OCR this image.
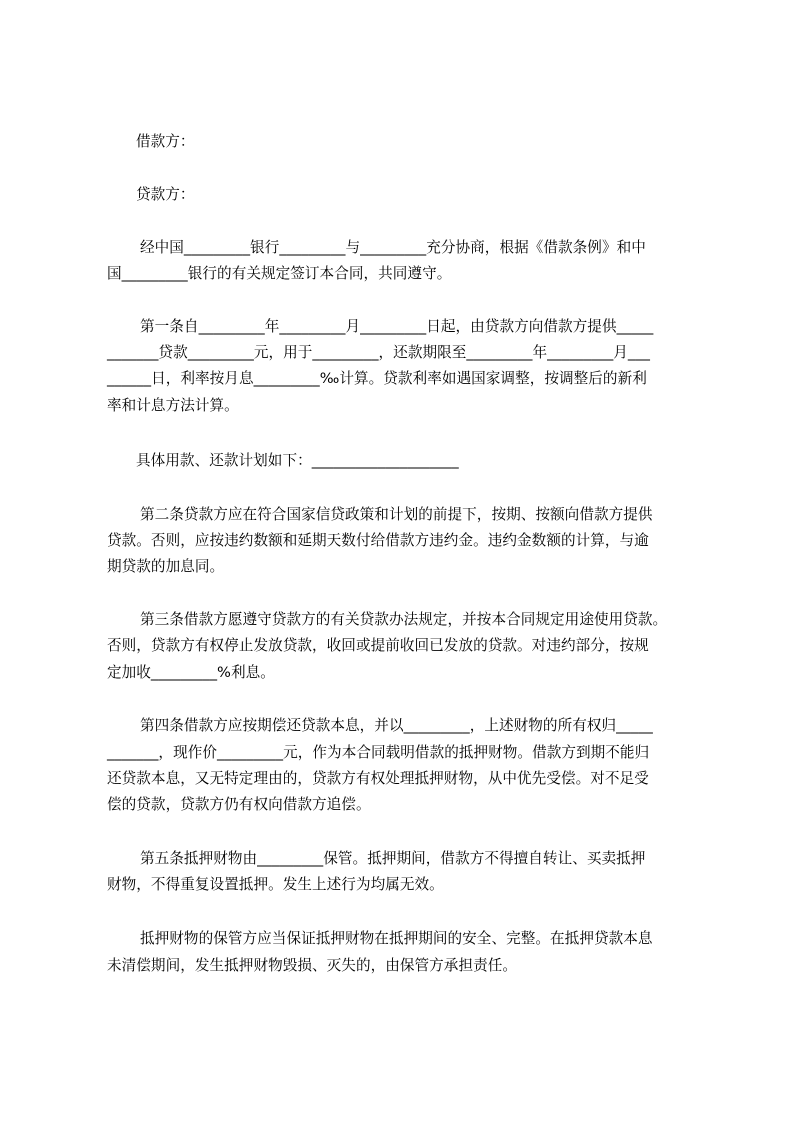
借款方：
贷款方：
经中国_________银行_________与_________充分协商，根据《借款条例》和中
国_________银行的有关规定签订本合同，共同遵守。
第一条自_________年_________月_________日起，由贷款方向借款方提供_____
_______贷款_________元，用于_________，还款期限至_________年_________月___
______日，利率按月息_________‰计算。贷款利率如遇国家调整，按调整后的新利
率和计息方法计算。
具体用款、还款计划如下：____________________
第二条贷款方应在符合国家信贷政策和计划的前提下，按期、按额向借款方提供
贷款。否则，应按违约数额和延期天数付给借款方违约金。违约金数额的计算，与逾
期贷款的加息同。
第三条借款方愿遵守贷款方的有关贷款办法规定，并按本合同规定用途使用贷款。
否则，贷款方有权停止发放贷款，收回或提前收回已发放的贷款。对违约部分，按规
定加收_________%利息。
第四条借款方应按期偿还贷款本息，并以_________，上述财物的所有权归_____
_______，现作价_________元，作为本合同载明借款的抵押财物。借款方到期不能归
还贷款本息，又无特定理由的，贷款方有权处理抵押财物，从中优先受偿。对不足受
偿的贷款，贷款方仍有权向借款方追偿。
第五条抵押财物由_________保管。抵押期间，借款方不得擅自转让、买卖抵押
财物，不得重复设置抵押。发生上述行为均属无效。
抵押财物的保管方应当保证抵押财物在抵押期间的安全、完整。在抵押贷款本息
未清偿期间，发生抵押财物毁损、灭失的，由保管方承担责任。
